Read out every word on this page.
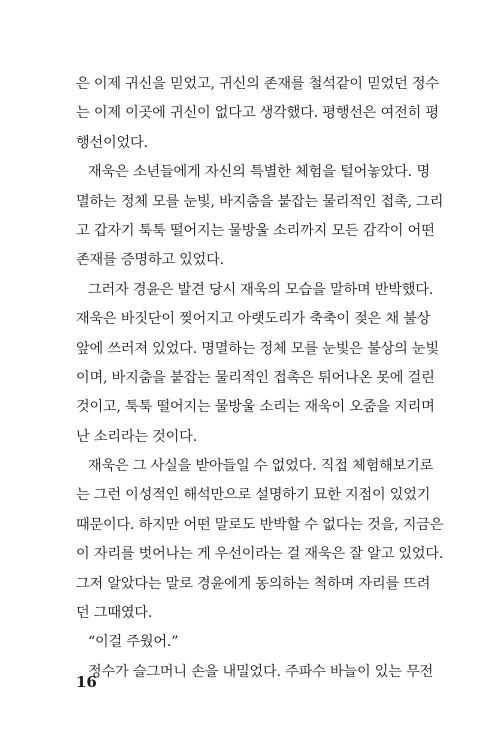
은 이제 귀신을 믿었고, 귀신의 존재를 철석같이 믿었던 정수
는 이제 이곳에 귀신이 없다고 생각했다. 평행선은 여전히 평
행선이었다.
재욱은 소년들에게 자신의 특별한 체험을 털어놓았다. 명
멸하는 정체 모를 눈빛, 바지춤을 붙잡는 물리적인 접촉, 그리
고 갑자기 툭툭 떨어지는 물방울 소리까지 모든 감각이 어떤
존재를 증명하고 있었다.
그러자 경윤은 발견 당시 재욱의 모습을 말하며 반박했다.
재욱은 바짓단이 찢어지고 아랫도리가 축축이 젖은 채 불상
앞에 쓰러져 있었다. 명멸하는 정체 모를 눈빛은 불상의 눈빛
이며, 바지춤을 붙잡는 물리적인 접촉은 튀어나온 못에 걸린
것이고, 툭툭 떨어지는 물방울 소리는 재욱이 오줌을 지리며
난 소리라는 것이다.
재욱은 그 사실을 받아들일 수 없었다. 직접 체험해보기로
는 그런 이성적인 해석만으로 설명하기 묘한 지점이 있었기
때문이다. 하지만 어떤 말로도 반박할 수 없다는 것을, 지금은
이 자리를 벗어나는 게 우선이라는 걸 재욱은 잘 알고 있었다.
그저 알았다는 말로 경윤에게 동의하는 척하며 자리를 뜨려
던 그때였다.
“이걸 주웠어.”
정수가 슬그머니 손을 내밀었다. 주파수 바늘이 있는 무전
16
